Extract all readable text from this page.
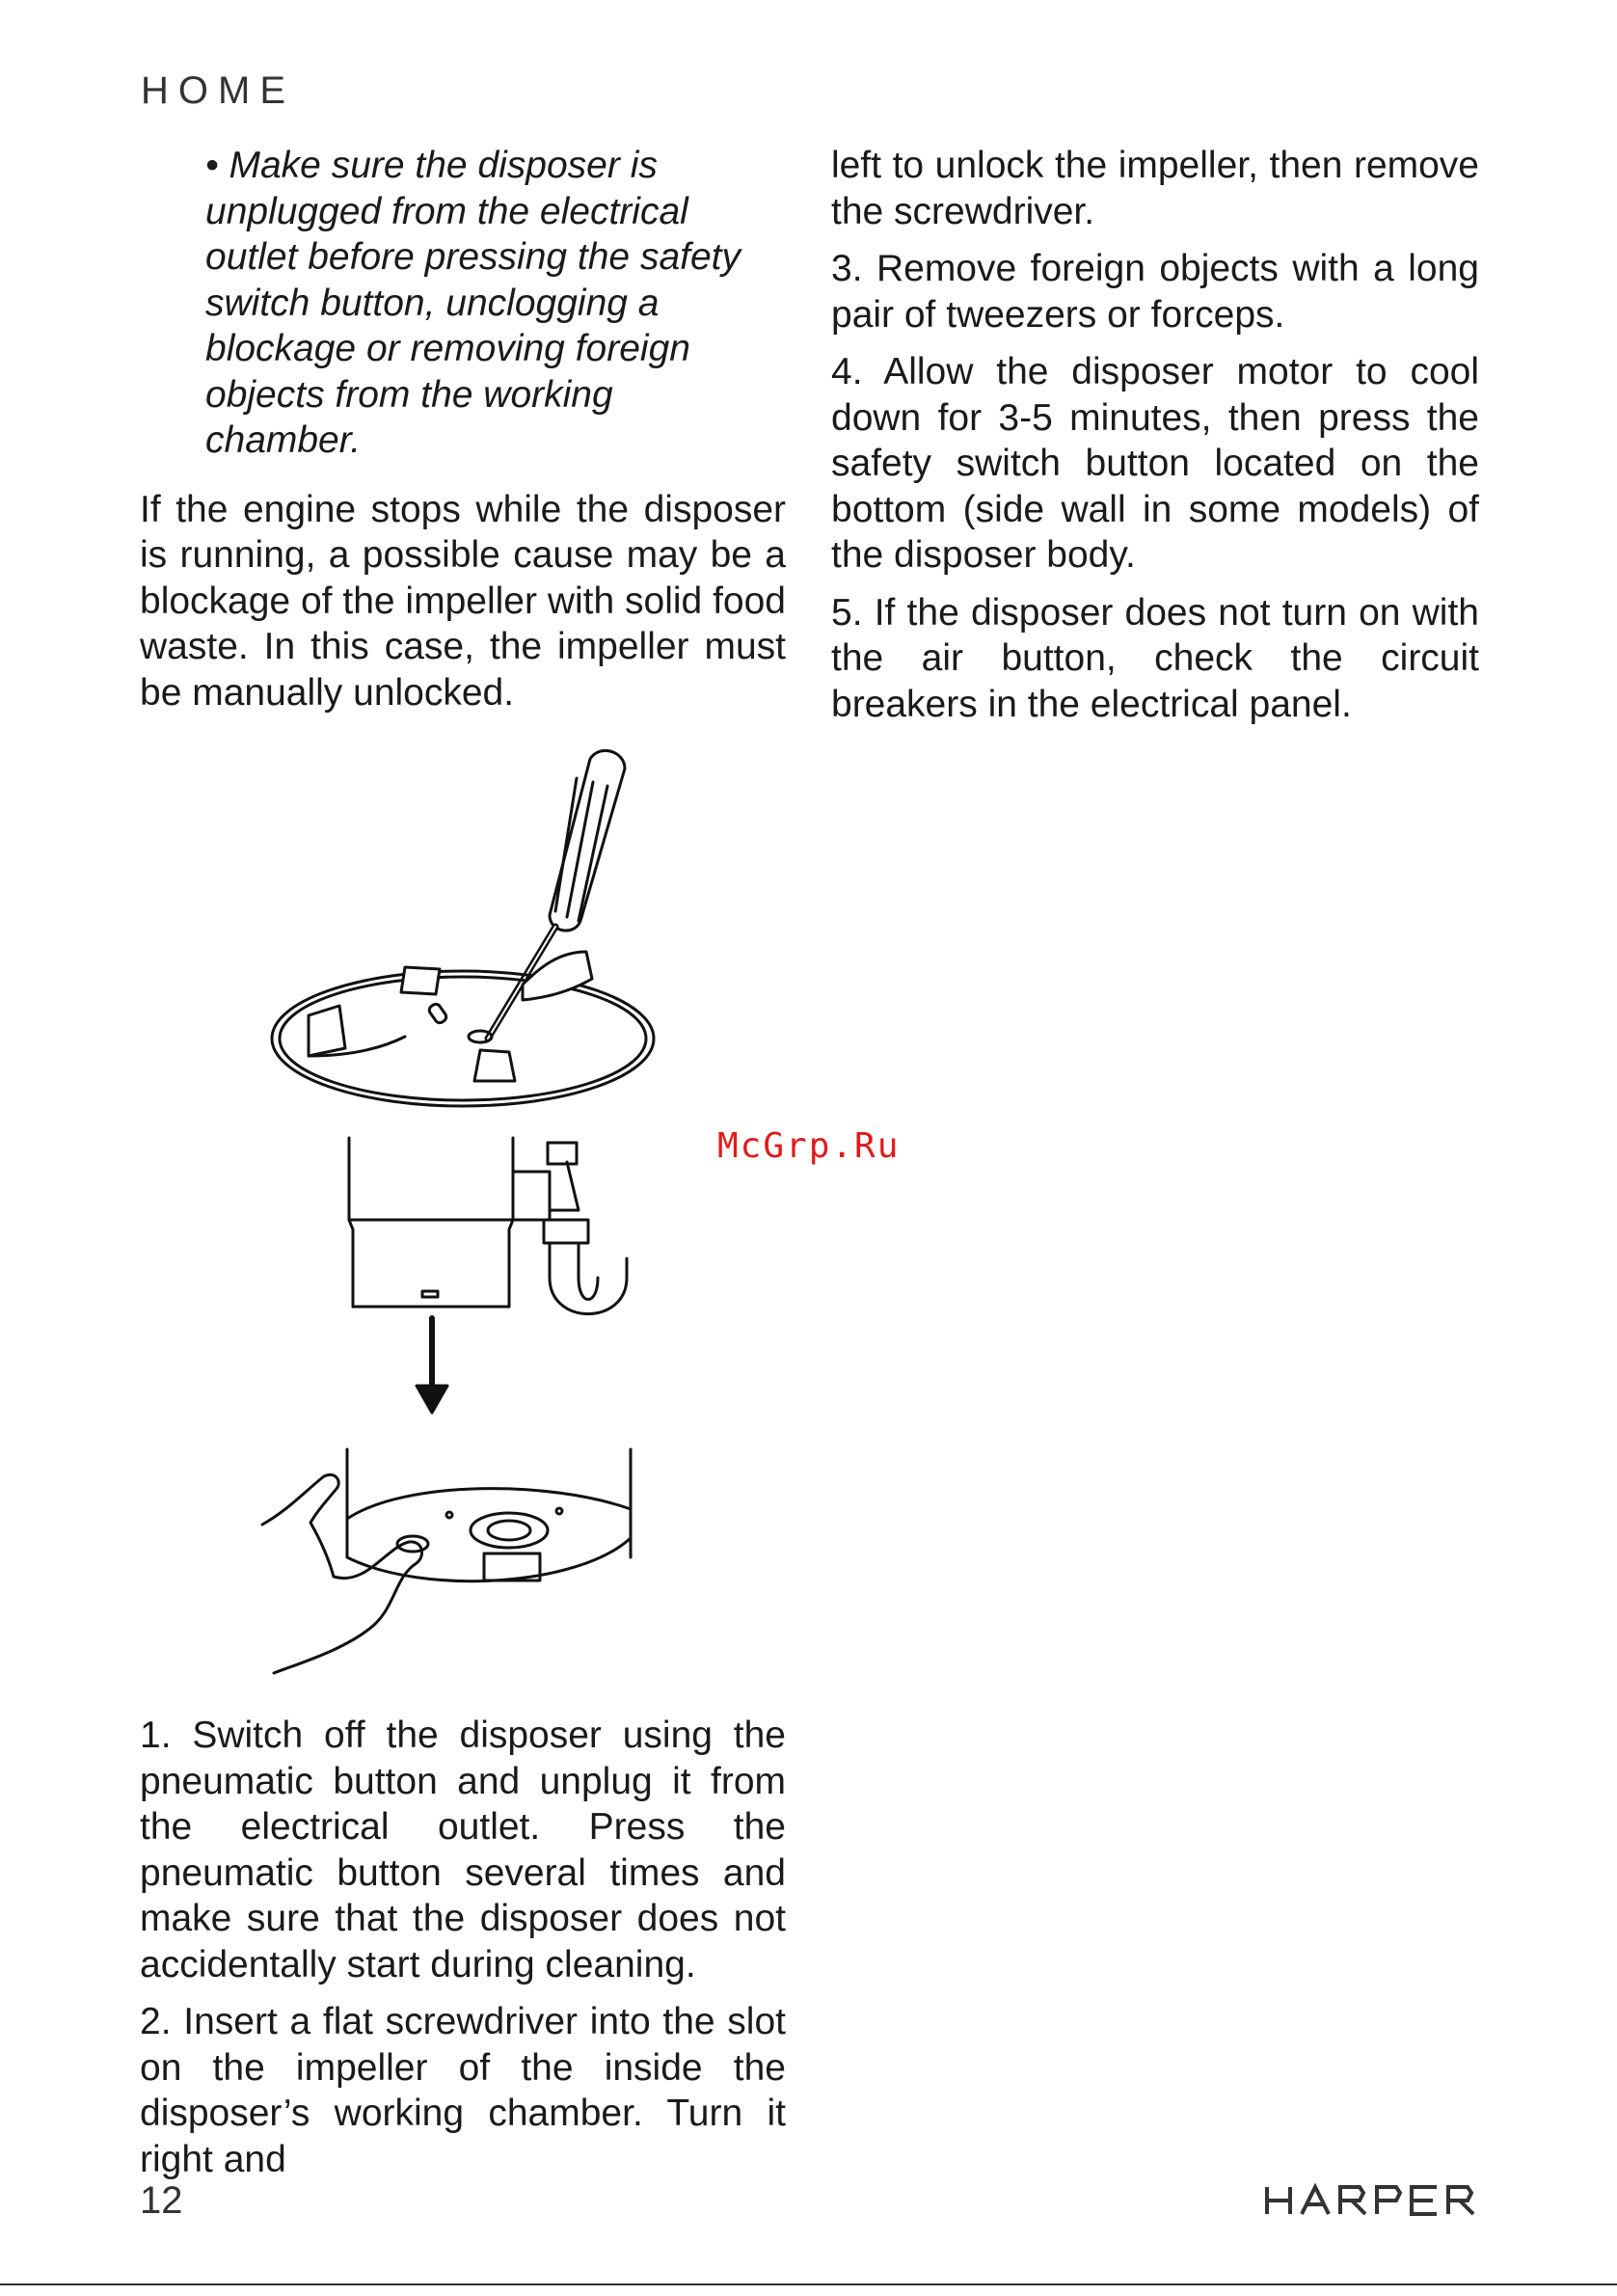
HOME

• Make sure the disposer is unplugged from the electrical outlet before pressing the safety switch button, unclogging a blockage or removing foreign objects from the working chamber.

If the engine stops while the disposer is running, a possible cause may be a blockage of the impeller with solid food waste. In this case, the impeller must be manually unlocked.

left to unlock the impeller, then remove the screwdriver.

3. Remove foreign objects with a long pair of tweezers or forceps.

4. Allow the disposer motor to cool down for 3-5 minutes, then press the safety switch button located on the bottom (side wall in some models) of the disposer body.

5. If the disposer does not turn on with the air button, check the circuit breakers in the electrical panel.

1. Switch off the disposer using the pneumatic button and unplug it from the electrical outlet. Press the pneumatic button several times and make sure that the disposer does not accidentally start during cleaning.

2. Insert a flat screwdriver into the slot on the impeller of the inside the disposer’s working chamber. Turn it right and

McGrp.Ru
12
